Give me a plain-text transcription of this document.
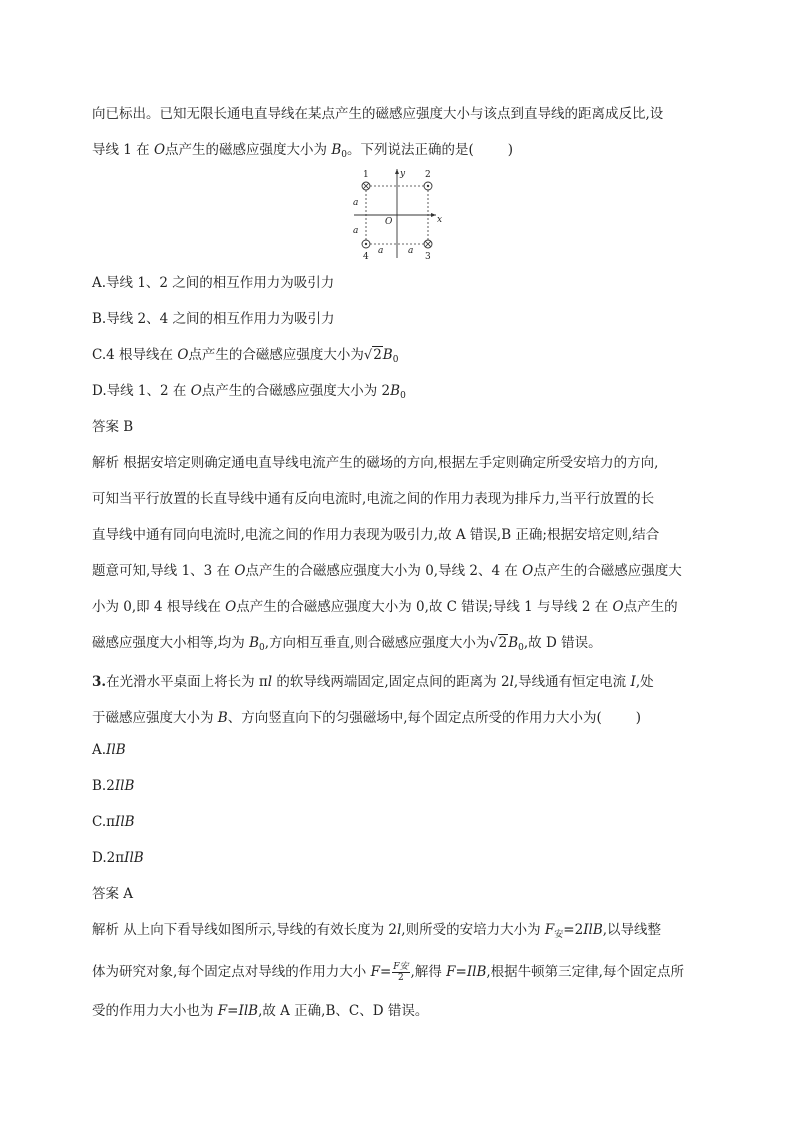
向已标出。已知无限长通电直导线在某点产生的磁感应强度大小与该点到直导线的距离成反比,设
导线 1 在 O点产生的磁感应强度大小为 $B_0$。下列说法正确的是(	)
1	2
4	3
y
x
O
a
a
a	a
A.导线 1、2 之间的相互作用力为吸引力
B.导线 2、4 之间的相互作用力为吸引力
C.4 根导线在 O点产生的合磁感应强度大小为$√2B_0$
D.导线 1、2 在 O点产生的合磁感应强度大小为 $2B_0$
答案 B
解析 根据安培定则确定通电直导线电流产生的磁场的方向,根据左手定则确定所受安培力的方向,
可知当平行放置的长直导线中通有反向电流时,电流之间的作用力表现为排斥力,当平行放置的长
直导线中通有同向电流时,电流之间的作用力表现为吸引力,故 A 错误,B 正确;根据安培定则,结合
题意可知,导线 1、3 在 O点产生的合磁感应强度大小为 0,导线 2、4 在 O点产生的合磁感应强度大
小为 0,即 4 根导线在 O点产生的合磁感应强度大小为 0,故 C 错误;导线 1 与导线 2 在 O点产生的
磁感应强度大小相等,均为 $B_0$,方向相互垂直,则合磁感应强度大小为$√2B_0$,故 D 错误。
3.在光滑水平桌面上将长为 πl 的软导线两端固定,固定点间的距离为 2l,导线通有恒定电流 I,处
于磁感应强度大小为 B、方向竖直向下的匀强磁场中,每个固定点所受的作用力大小为(	)
A.IlB
B.2IlB
C.πIlB
D.2πIlB
答案 A
解析 从上向下看导线如图所示,导线的有效长度为 2l,则所受的安培力大小为 $F_安=2IlB$,以导线整
体为研究对象,每个固定点对导线的作用力大小 $F= \frac{\text{F安}}{2}$ ,解得 F=IlB,根据牛顿第三定律,每个固定点所
受的作用力大小也为 F=IlB,故 A 正确,B、C、D 错误。
